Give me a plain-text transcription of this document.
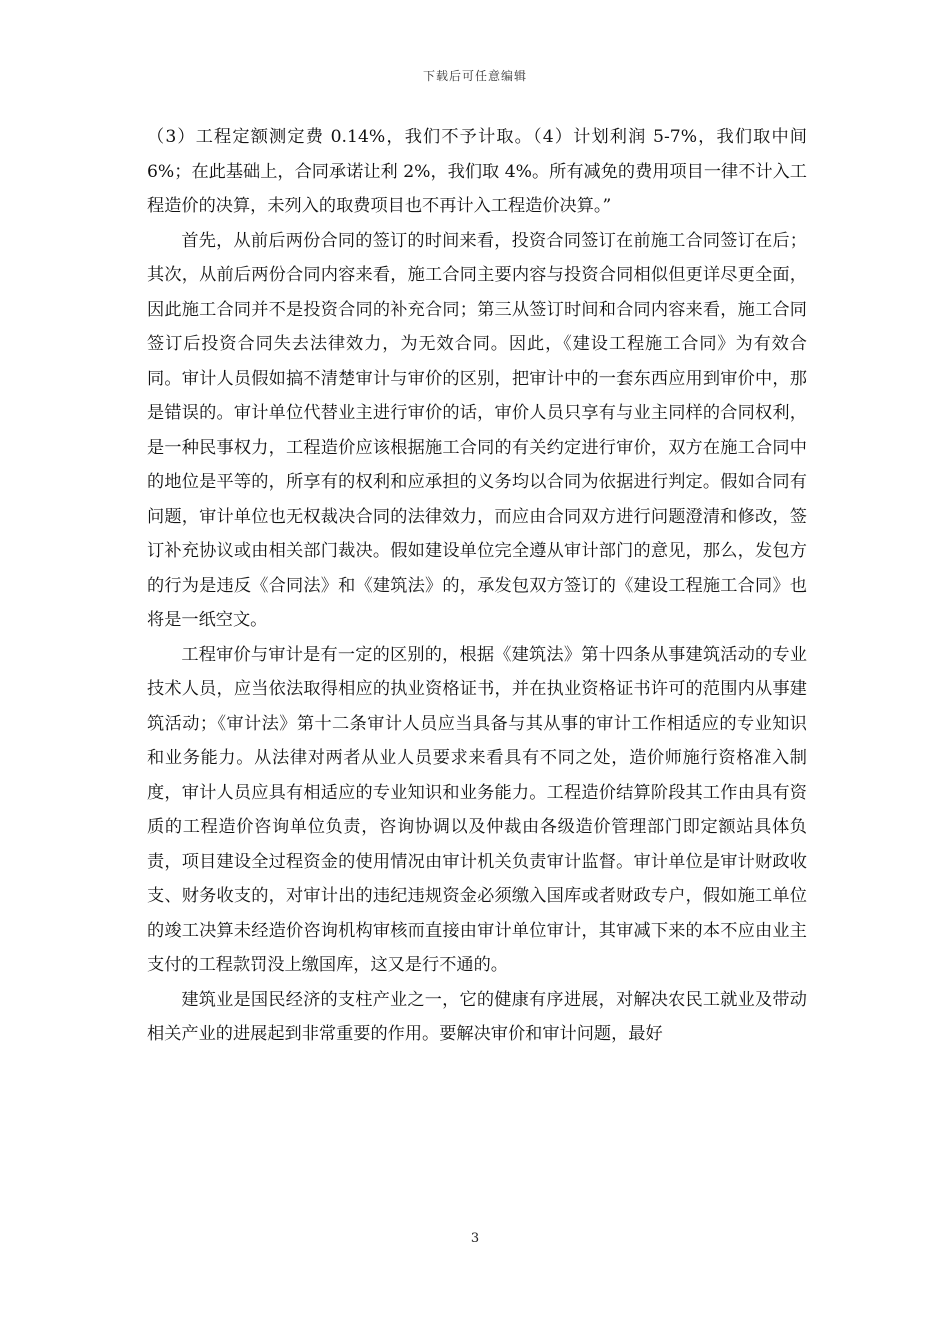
下载后可任意编辑

（3）工程定额测定费 0.14%，我们不予计取。（4）计划利润 5-7%，我们取中间 6%；在此基础上，合同承诺让利 2%，我们取 4%。所有减免的费用项目一律不计入工程造价的决算，未列入的取费项目也不再计入工程造价决算。”

首先，从前后两份合同的签订的时间来看，投资合同签订在前施工合同签订在后；其次，从前后两份合同内容来看，施工合同主要内容与投资合同相似但更详尽更全面，因此施工合同并不是投资合同的补充合同；第三从签订时间和合同内容来看，施工合同签订后投资合同失去法律效力，为无效合同。因此，《建设工程施工合同》为有效合同。审计人员假如搞不清楚审计与审价的区别，把审计中的一套东西应用到审价中，那是错误的。审计单位代替业主进行审价的话，审价人员只享有与业主同样的合同权利，是一种民事权力，工程造价应该根据施工合同的有关约定进行审价，双方在施工合同中的地位是平等的，所享有的权利和应承担的义务均以合同为依据进行判定。假如合同有问题，审计单位也无权裁决合同的法律效力，而应由合同双方进行问题澄清和修改，签订补充协议或由相关部门裁决。假如建设单位完全遵从审计部门的意见，那么，发包方的行为是违反《合同法》和《建筑法》的，承发包双方签订的《建设工程施工合同》也将是一纸空文。

工程审价与审计是有一定的区别的，根据《建筑法》第十四条从事建筑活动的专业技术人员，应当依法取得相应的执业资格证书，并在执业资格证书许可的范围内从事建筑活动；《审计法》第十二条审计人员应当具备与其从事的审计工作相适应的专业知识和业务能力。从法律对两者从业人员要求来看具有不同之处，造价师施行资格准入制度，审计人员应具有相适应的专业知识和业务能力。工程造价结算阶段其工作由具有资质的工程造价咨询单位负责，咨询协调以及仲裁由各级造价管理部门即定额站具体负责，项目建设全过程资金的使用情况由审计机关负责审计监督。审计单位是审计财政收支、财务收支的，对审计出的违纪违规资金必须缴入国库或者财政专户，假如施工单位的竣工决算未经造价咨询机构审核而直接由审计单位审计，其审减下来的本不应由业主支付的工程款罚没上缴国库，这又是行不通的。

建筑业是国民经济的支柱产业之一，它的健康有序进展，对解决农民工就业及带动相关产业的进展起到非常重要的作用。要解决审价和审计问题，最好

3
